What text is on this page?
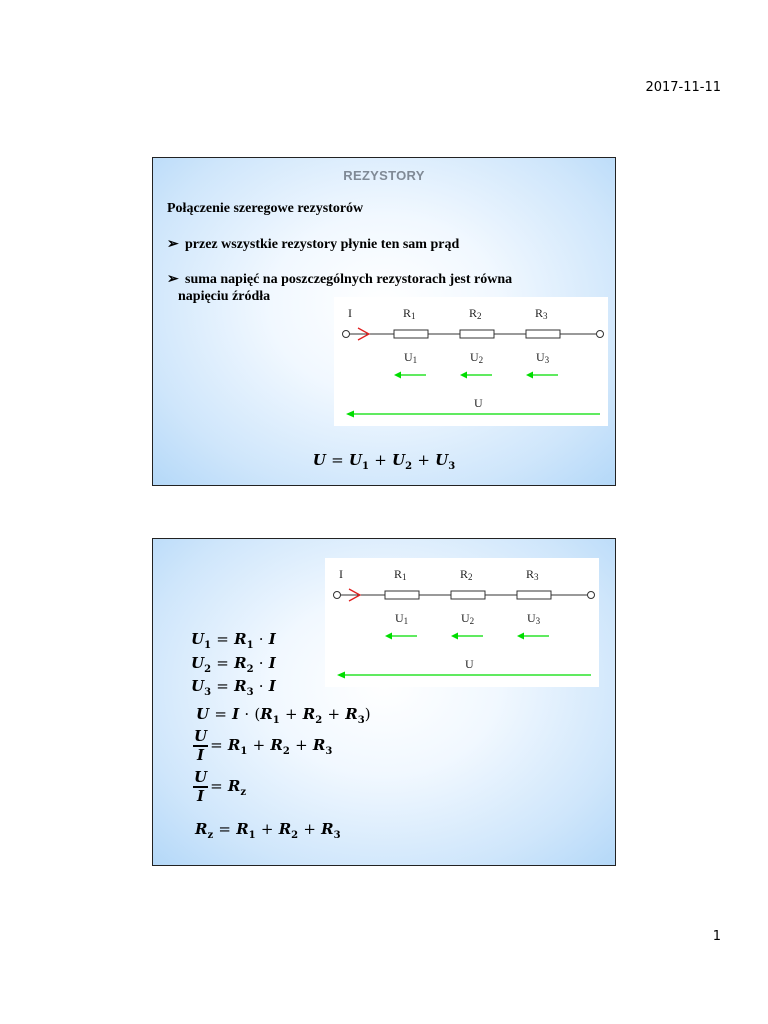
2017-11-11
REZYSTORY
Połączenie szeregowe rezystorów
➢ przez wszystkie rezystory płynie ten sam prąd
➢ suma napięć na poszczególnych rezystorach jest równa
napięciu źródła
I	R1	R2	R3
U1	U2	U3
U
$U = U_1 + U_2 + U_3$
I	R1	R2	R3
U1	U2	U3
U
$U_1 = R_1 \cdot I$
$U_2 = R_2 \cdot I$
$U_3 = R_3 \cdot I$
$U = I \cdot (R_1 + R_2 + R_3)$
$\frac{U}{I} = R_1 + R_2 + R_3$
$\frac{U}{I} = R_z$
$R_z = R_1 + R_2 + R_3$
1
